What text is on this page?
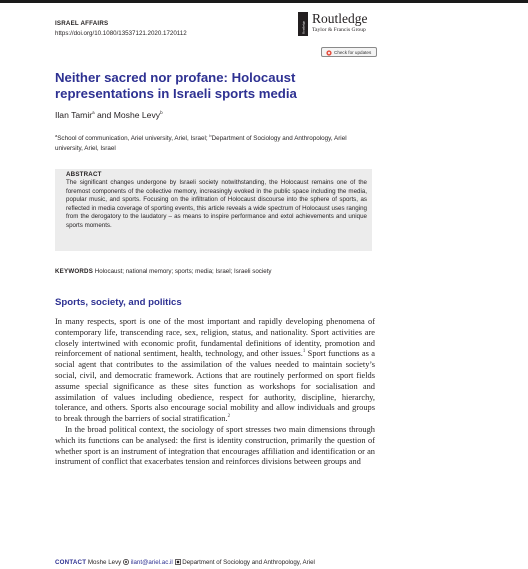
ISRAEL AFFAIRS
https://doi.org/10.1080/13537121.2020.1720112	Routledge
Routledge
Taylor & Francis Group
Check for updates
Neither sacred nor profane: Holocaust representations in Israeli sports media
Ilan Tamir$^a$ and Moshe Levy$^b$
$^a$School of communication, Ariel university, Ariel, Israel; $^b$Department of Sociology and Anthropology, Ariel university, Ariel, Israel
ABSTRACT
The significant changes undergone by Israeli society notwithstanding, the Holocaust remains one of the foremost components of the collective memory, increasingly evoked in the public space including the media, popular music, and sports. Focusing on the infiltration of Holocaust discourse into the sphere of sports, as reflected in media coverage of sporting events, this article reveals a wide spectrum of Holocaust uses ranging from the derogatory to the laudatory – as means to inspire performance and extol achievements and unique sports moments.
KEYWORDS Holocaust; national memory; sports; media; Israel; Israeli society
Sports, society, and politics

In many respects, sport is one of the most important and rapidly developing phenomena of contemporary life, transcending race, sex, religion, status, and nationality. Sport activities are closely intertwined with economic profit, fundamental definitions of identity, promotion and reinforcement of national sentiment, health, technology, and other issues.$^1$ Sport functions as a social agent that contributes to the assimilation of the values needed to maintain society’s social, civil, and democratic framework. Actions that are routinely performed on sport fields assume special significance as these sites function as workshops for socialisation and assimilation of values including obedience, respect for authority, discipline, hierarchy, tolerance, and others. Sports also encourage social mobility and allow individuals and groups to break through the barriers of social stratification.$^2$

In the broad political context, the sociology of sport stresses two main dimensions through which its functions can be analysed: the first is identity construction, primarily the question of whether sport is an instrument of integration that encourages affiliation and identification or an instrument of conflict that exacerbates tension and reinforces divisions between groups and

CONTACT Moshe Levy  ilant@ariel.ac.il  Department of Sociology and Anthropology, Ariel
